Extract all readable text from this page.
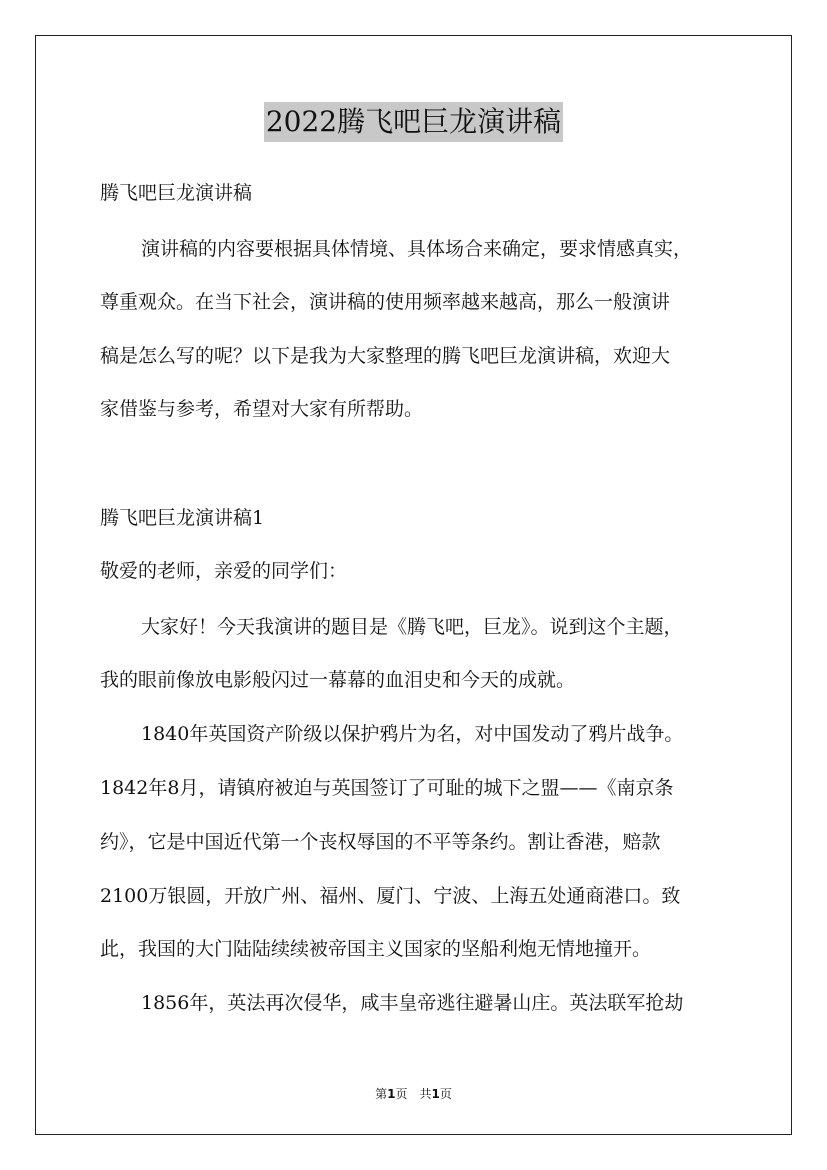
2022腾飞吧巨龙演讲稿
腾飞吧巨龙演讲稿
演讲稿的内容要根据具体情境、具体场合来确定，要求情感真实，
尊重观众。在当下社会，演讲稿的使用频率越来越高，那么一般演讲
稿是怎么写的呢？以下是我为大家整理的腾飞吧巨龙演讲稿，欢迎大
家借鉴与参考，希望对大家有所帮助。
腾飞吧巨龙演讲稿1
敬爱的老师，亲爱的同学们：
大家好！今天我演讲的题目是《腾飞吧，巨龙》。说到这个主题，
我的眼前像放电影般闪过一幕幕的血泪史和今天的成就。
1840年英国资产阶级以保护鸦片为名，对中国发动了鸦片战争。
1842年8月，请镇府被迫与英国签订了可耻的城下之盟——《南京条
约》，它是中国近代第一个丧权辱国的不平等条约。割让香港，赔款
2100万银圆，开放广州、福州、厦门、宁波、上海五处通商港口。致
此，我国的大门陆陆续续被帝国主义国家的坚船利炮无情地撞开。
1856年，英法再次侵华，咸丰皇帝逃往避暑山庄。英法联军抢劫
第1页　共1页
